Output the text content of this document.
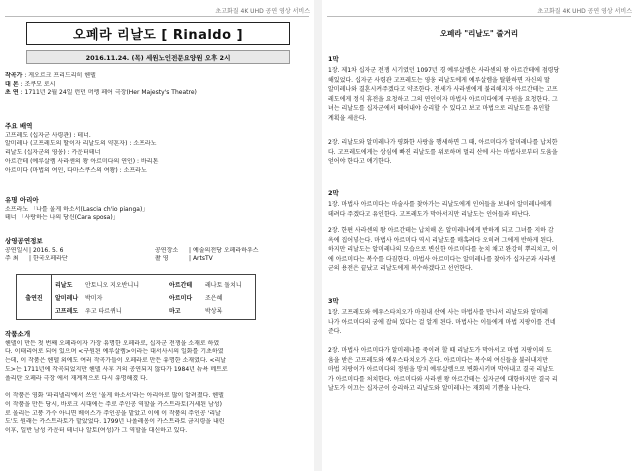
초고화질 4K UHD 공연 영상 서비스
오페라 리날도 [ Rinaldo ]
2016.11.24. (목) 세원노인전문요양원 오후 2시
작곡가 : 게오르크 프리드리히 헨델
대 본 : 조쿠모 로시
초 연 : 1711년 2월 24일 런던 머렝 페어 극장(Her Majesty's Theatre)
주요 배역
고프레도 (십자군 사령관) : 테너.
알미레나 (고프레도의 딸이자 리날도의 약혼자) : 소프라노
리날도 (십자군의 영웅) : 카운터테너
아르간테 (예루살렘 사라센의 왕 아르미다의 연인) : 바리톤
아르미다 (마법의 여인, 다마스쿠스의 여왕) : 소프라노
유명 아리아
소프라노 「나를 울게 하소서(Lascia ch'io pianga)」
테너 「사랑하는 나의 당신(Cara sposa)」
상영공연정보
공연일시| 2016. 5. 6	공연장소 | 예술의전당 오페라하우스
주 최 | 한국오페라단	촬 영	| ArtsTV
출연진
리날도	안토니오 지오반니니	아르간테	레나토 돌치니
알미레나	박미자	아르미다	조은혜
고프레도	우고 타르퀴니	마고	박상록
작품소개
헨델이 만든 첫 번째 오페라이자 가장 유명한 오페라로, 십자군 전쟁을 소재로 하였
다. 이태리어로 되어 있으며 <구원된 예루살렘>이라는 대서사시의 일화를 기초하였
는데, 이 작품은 헨델 외에도 여러 작곡가들이 오페라로 만든 유명한 소재였다. <리날
도>는 1711년에 작곡되었지만 헨델 사후 거의 공연되지 않다가 1984년 뉴욕 메트로
폴리탄 오페라 극장 에서 재계적으로 다시 유명해졌 다.
이 작품은 영화 '파리넬리'에서 쓰인 '울게 하소서'라는 아리아로 많이 알려졌다. 헨델
이 작품을 만든 당시, 바로크 시대에는 주로 주인공 역할을 카스트라토(거세된 남성)
로 올리는 고풍 가수 아니면 베이스가 주인공을 맡았고 이에 이 작품의 주인공 '리날
도'도 원래는 카스트라토가 맡았었다. 1799년 나폴레옹이 카스트라토 금지령을 내린
이후, 일반 남성 카운터 테너나 알토(여성)가 그 역할을 대신하고 있다.
초고화질 4K UHD 공연 영상 서비스
오페라 "리날도" 줄거리
1막
1장. 제1차 십자군 전쟁 시기였던 1097년 경 예루살렘은 사라센의 왕 아르간테에 점령당
해있었다. 십자군 사령관 고프레도는 영웅 리날도에게 예루살렘을 탈환하면 자신의 딸
알미레나와 결혼시켜주겠다고 약조한다. 전세가 사라센에게 불리해지자 아르간테는 고프
레도에게 정식 휴전을 요청하고 그의 연인이자 마법사 아르미다에게 구원을 요청한다. 그
녀는 리날도를 십자군에서 떼어내야 승리할 수 있다고 보고 마법으로 리날도를 유인할
계획을 세운다.
2장. 리날도와 알미레나가 평화한 사랑을 행세하면 그 때, 아르미다가 알미레나를 납치한
다. 고프레도에게는 상심에 빠진 리날도를 위로하며 멀리 산에 사는 마법사로부터 도움을
얻어야 한다고 얘기한다.
2막
1장. 마법사 아르미다는 마술사를 찾아가는 리날도에게 인어들을 보내어 알미레나에게
데려다 주겠다고 유인한다. 고프레도가 막아서지만 리날도는 인어들과 떠난다.
2장. 한편 사라센의 왕 아르간테는 납치해 온 알미레나에게 반하게 되고 그녀를 지하 감
옥에 집어넣는다. 마법사 아르미다 역시 리날도를 매혹려다 오히려 그에게 반하게 된다.
하지만 리날도는 알미레나의 모습으로 변신한 아르미다를 눈치 채고 완강히 뿌리치고, 이
에 아르미다는 복수를 다짐한다. 마법사 아르미다는 알미레나를 찾아가 십자군과 사라센
군의 용전은 끝났고 리날도에게 복수하겠다고 선언한다.
3막
1장. 고프레도와 예우스타치오가 마침내 산에 사는 마법사를 만나서 리날도와 알미레
나가 아르미다의 궁에 잡혀 있다는 걸 알게 된다. 마법사는 이들에게 마법 지팡이를 건네
준다.
2장. 마법사 아르미다가 알미레나를 죽이려 할 때 리날도가 막아서고 마법 지팡이의 도
움을 받은 고프레도와 예우스타치오가 온다. 아르미다는 복수의 여신들을 불러내지만
마법 지팡이가 아르미다의 정원을 망치 예루살렘으로 변화시키며 막아내고 결국 리날도
가 아르미다를 처치한다. 아르미다와 사라센 왕 아르간테는 십자군에 대항하지만 결국 리
날도가 이끄는 십자군이 승리하고 리날도와 알미레나는 재회의 기쁨을 나눈다.
